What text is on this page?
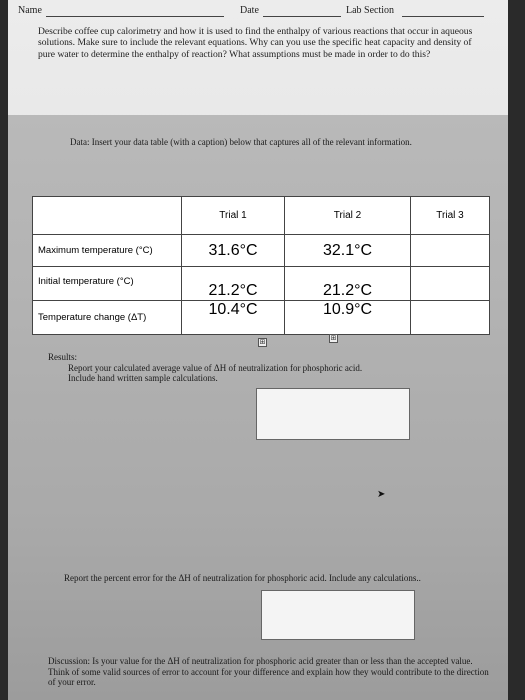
Name	Date	Lab Section
Describe coffee cup calorimetry and how it is used to find the enthalpy of various reactions that occur in aqueous solutions. Make sure to include the relevant equations. Why can you use the specific heat capacity and density of pure water to determine the enthalpy of reaction? What assumptions must be made in order to do this?
Data: Insert your data table (with a caption) below that captures all of the relevant information.
	Trial 1	Trial 2	Trial 3
Maximum temperature (°C)	31.6°C	32.1°C	
Initial temperature (°C)	21.2°C	21.2°C	
Temperature change (ΔT)	10.4°C	10.9°C	
⊞	⊞
Results:
Report your calculated average value of ΔH of neutralization for phosphoric acid.
Include hand written sample calculations.
➤
Report the percent error for the ΔH of neutralization for phosphoric acid. Include any calculations..
Discussion: Is your value for the ΔH of neutralization for phosphoric acid greater than or less than the accepted value. Think of some valid sources of error to account for your difference and explain how they would contribute to the direction of your error.
